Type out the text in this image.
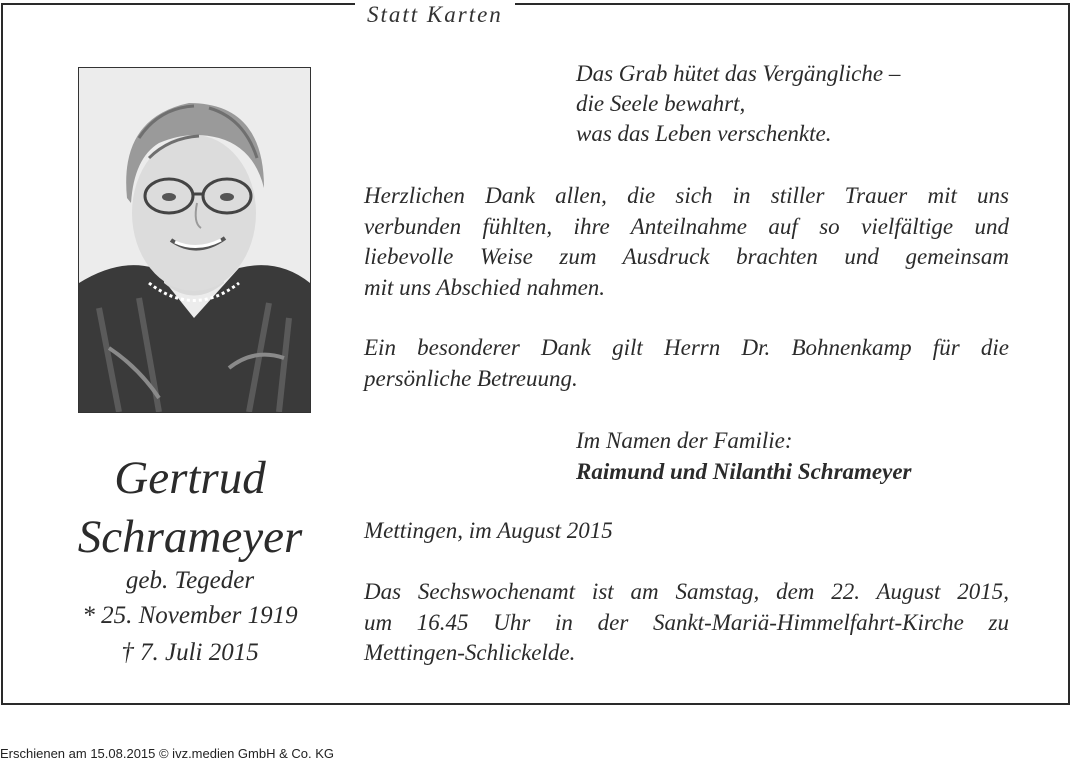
Statt Karten
Gertrud
Schrameyer
geb. Tegeder
* 25. November 1919
† 7. Juli 2015
Das Grab hütet das Vergängliche –
die Seele bewahrt,
was das Leben verschenkte.
Herzlichen Dank allen, die sich in stiller Trauer mit uns
verbunden fühlten, ihre Anteilnahme auf so vielfältige und
liebevolle Weise zum Ausdruck brachten und gemeinsam
mit uns Abschied nahmen.
Ein besonderer Dank gilt Herrn Dr. Bohnenkamp für die
persönliche Betreuung.
Im Namen der Familie:
Raimund und Nilanthi Schrameyer
Mettingen, im August 2015
Das Sechswochenamt ist am Samstag, dem 22. August 2015,
um 16.45 Uhr in der Sankt-Mariä-Himmelfahrt-Kirche zu
Mettingen-Schlickelde.
Erschienen am 15.08.2015 © ivz.medien GmbH & Co. KG
